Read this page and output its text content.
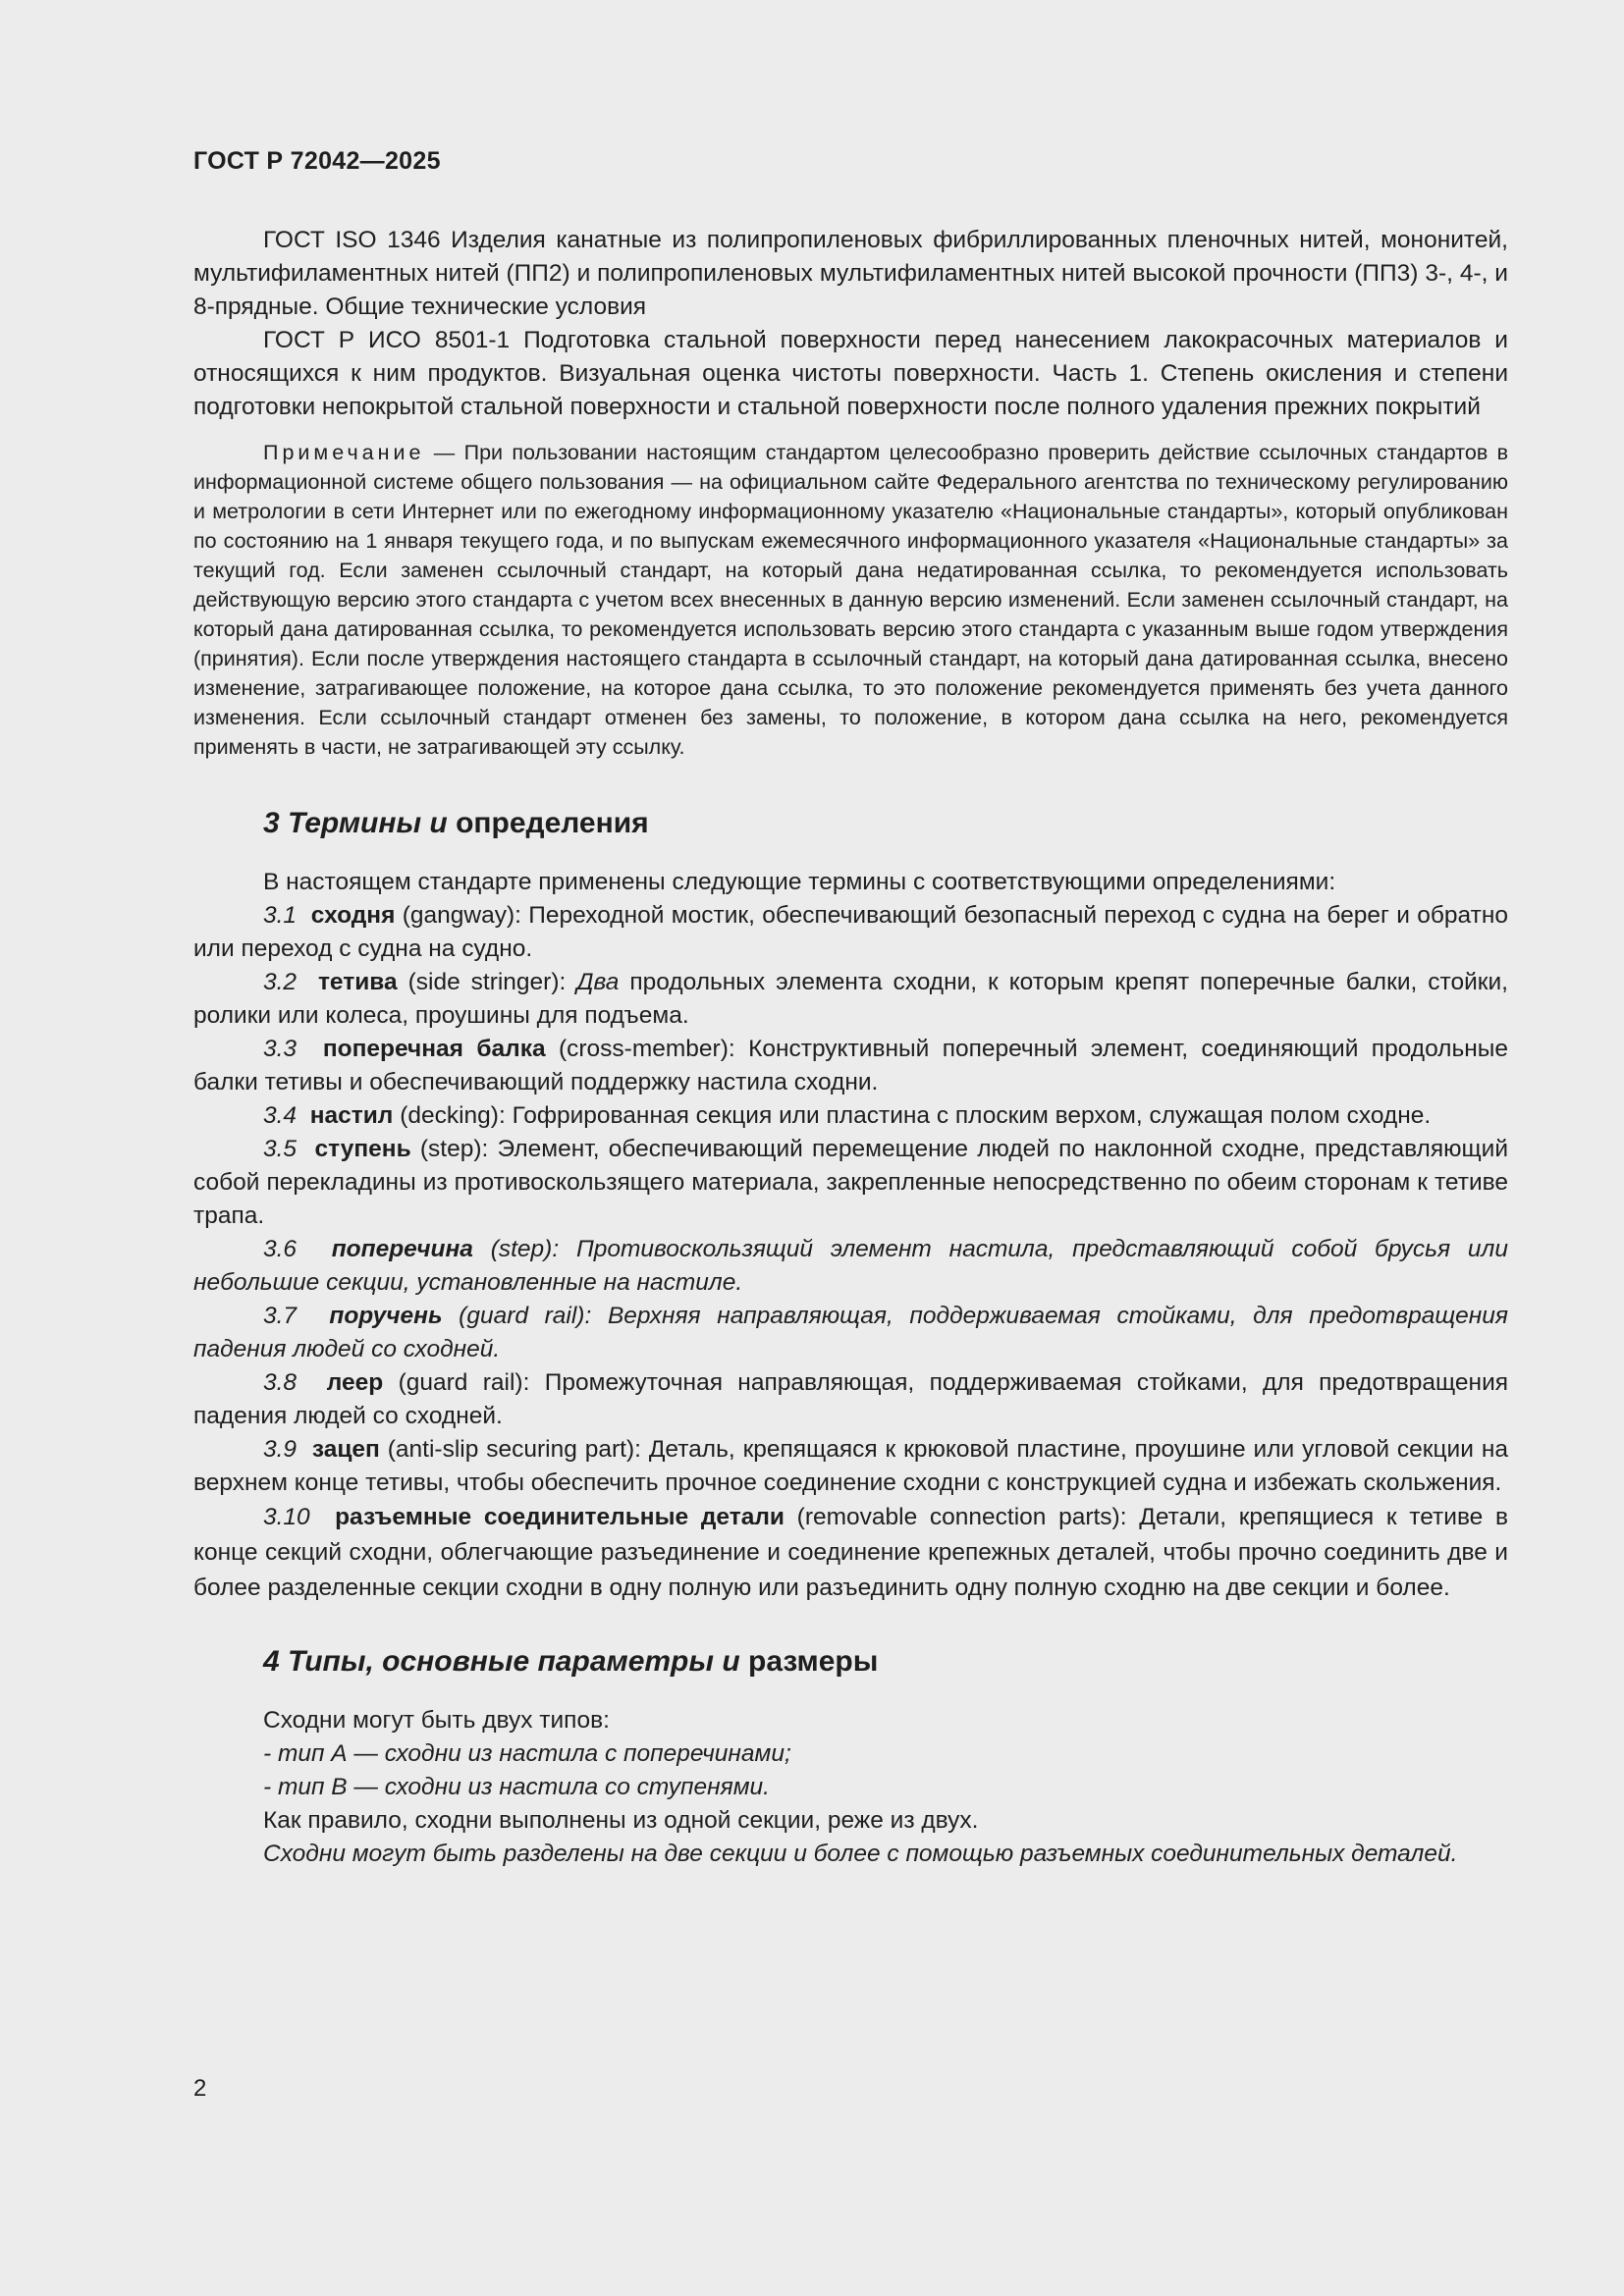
ГОСТ Р 72042—2025

ГОСТ ISO 1346 Изделия канатные из полипропиленовых фибриллированных пленочных нитей, мононитей, мультифиламентных нитей (ПП2) и полипропиленовых мультифиламентных нитей высокой прочности (ПП3) 3-, 4-, и 8-прядные. Общие технические условия

ГОСТ Р ИСО 8501-1 Подготовка стальной поверхности перед нанесением лакокрасочных материалов и относящихся к ним продуктов. Визуальная оценка чистоты поверхности. Часть 1. Степень окисления и степени подготовки непокрытой стальной поверхности и стальной поверхности после полного удаления прежних покрытий

Примечание — При пользовании настоящим стандартом целесообразно проверить действие ссылочных стандартов в информационной системе общего пользования — на официальном сайте Федерального агентства по техническому регулированию и метрологии в сети Интернет или по ежегодному информационному указателю «Национальные стандарты», который опубликован по состоянию на 1 января текущего года, и по выпускам ежемесячного информационного указателя «Национальные стандарты» за текущий год. Если заменен ссылочный стандарт, на который дана недатированная ссылка, то рекомендуется использовать действующую версию этого стандарта с учетом всех внесенных в данную версию изменений. Если заменен ссылочный стандарт, на который дана датированная ссылка, то рекомендуется использовать версию этого стандарта с указанным выше годом утверждения (принятия). Если после утверждения настоящего стандарта в ссылочный стандарт, на который дана датированная ссылка, внесено изменение, затрагивающее положение, на которое дана ссылка, то это положение рекомендуется применять без учета данного изменения. Если ссылочный стандарт отменен без замены, то положение, в котором дана ссылка на него, рекомендуется применять в части, не затрагивающей эту ссылку.

3 Термины и определения

В настоящем стандарте применены следующие термины с соответствующими определениями:

3.1 сходня (gangway): Переходной мостик, обеспечивающий безопасный переход с судна на берег и обратно или переход с судна на судно.

3.2 тетива (side stringer): Два продольных элемента сходни, к которым крепят поперечные балки, стойки, ролики или колеса, проушины для подъема.

3.3 поперечная балка (cross-member): Конструктивный поперечный элемент, соединяющий продольные балки тетивы и обеспечивающий поддержку настила сходни.

3.4 настил (decking): Гофрированная секция или пластина с плоским верхом, служащая полом сходне.

3.5 ступень (step): Элемент, обеспечивающий перемещение людей по наклонной сходне, представляющий собой перекладины из противоскользящего материала, закрепленные непосредственно по обеим сторонам к тетиве трапа.

3.6 поперечина (step): Противоскользящий элемент настила, представляющий собой брусья или небольшие секции, установленные на настиле.

3.7 поручень (guard rail): Верхняя направляющая, поддерживаемая стойками, для предотвращения падения людей со сходней.

3.8 леер (guard rail): Промежуточная направляющая, поддерживаемая стойками, для предотвращения падения людей со сходней.

3.9 зацеп (anti-slip securing part): Деталь, крепящаяся к крюковой пластине, проушине или угловой секции на верхнем конце тетивы, чтобы обеспечить прочное соединение сходни с конструкцией судна и избежать скольжения.

3.10 разъемные соединительные детали (removable connection parts): Детали, крепящиеся к тетиве в конце секций сходни, облегчающие разъединение и соединение крепежных деталей, чтобы прочно соединить две и более разделенные секции сходни в одну полную или разъединить одну полную сходню на две секции и более.

4 Типы, основные параметры и размеры

Сходни могут быть двух типов:

- тип А — сходни из настила с поперечинами;

- тип В — сходни из настила со ступенями.

Как правило, сходни выполнены из одной секции, реже из двух.

Сходни могут быть разделены на две секции и более с помощью разъемных соединительных деталей.

2
